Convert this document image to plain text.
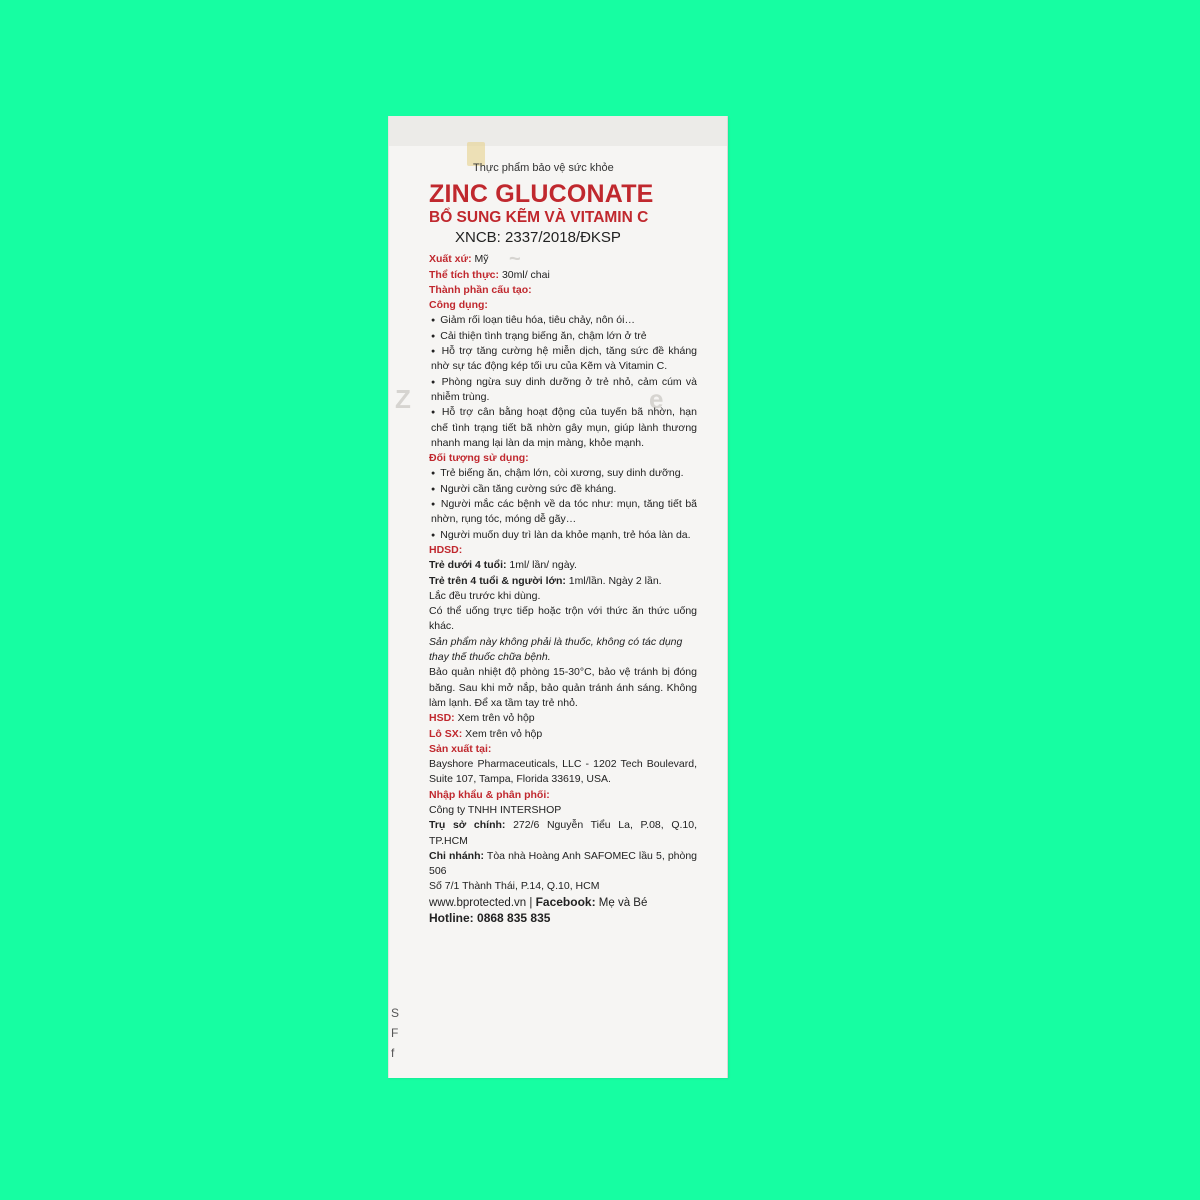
Z	e
~
S
F
f
Thực phẩm bảo vệ sức khỏe
ZINC GLUCONATE
BỔ SUNG KẼM VÀ VITAMIN C
XNCB: 2337/2018/ĐKSP
Xuất xứ: Mỹ
Thể tích thực: 30ml/ chai
Thành phần cấu tạo:
Công dụng:
● Giảm rối loạn tiêu hóa, tiêu chảy, nôn ói…
● Cải thiện tình trạng biếng ăn, chậm lớn ở trẻ
● Hỗ trợ tăng cường hệ miễn dịch, tăng sức đề kháng nhờ sự tác động kép tối ưu của Kẽm và Vitamin C.
● Phòng ngừa suy dinh dưỡng ở trẻ nhỏ, cảm cúm và nhiễm trùng.
● Hỗ trợ cân bằng hoạt động của tuyến bã nhờn, hạn chế tình trạng tiết bã nhờn gây mụn, giúp lành thương nhanh mang lại làn da mịn màng, khỏe mạnh.
Đối tượng sử dụng:
● Trẻ biếng ăn, chậm lớn, còi xương, suy dinh dưỡng.
● Người cần tăng cường sức đề kháng.
● Người mắc các bệnh về da tóc như: mụn, tăng tiết bã nhờn, rụng tóc, móng dễ gãy…
● Người muốn duy trì làn da khỏe mạnh, trẻ hóa làn da.
HDSD:
Trẻ dưới 4 tuổi: 1ml/ lần/ ngày.
Trẻ trên 4 tuổi & người lớn: 1ml/lần. Ngày 2 lần.
Lắc đều trước khi dùng.
Có thể uống trực tiếp hoặc trộn với thức ăn thức uống khác.
Sản phẩm này không phải là thuốc, không có tác dụng thay thế thuốc chữa bệnh.
Bảo quản nhiệt độ phòng 15-30°C, bảo vệ tránh bị đóng băng. Sau khi mở nắp, bảo quản tránh ánh sáng. Không làm lạnh. Để xa tầm tay trẻ nhỏ.
HSD: Xem trên vỏ hộp
Lô SX: Xem trên vỏ hộp
Sản xuất tại:
Bayshore Pharmaceuticals, LLC - 1202 Tech Boulevard, Suite 107, Tampa, Florida 33619, USA.
Nhập khẩu & phân phối:
Công ty TNHH INTERSHOP
Trụ sở chính: 272/6 Nguyễn Tiểu La, P.08, Q.10, TP.HCM
Chi nhánh: Tòa nhà Hoàng Anh SAFOMEC lầu 5, phòng 506
Số 7/1 Thành Thái, P.14, Q.10, HCM
www.bprotected.vn | Facebook: Mẹ và Bé
Hotline: 0868 835 835
